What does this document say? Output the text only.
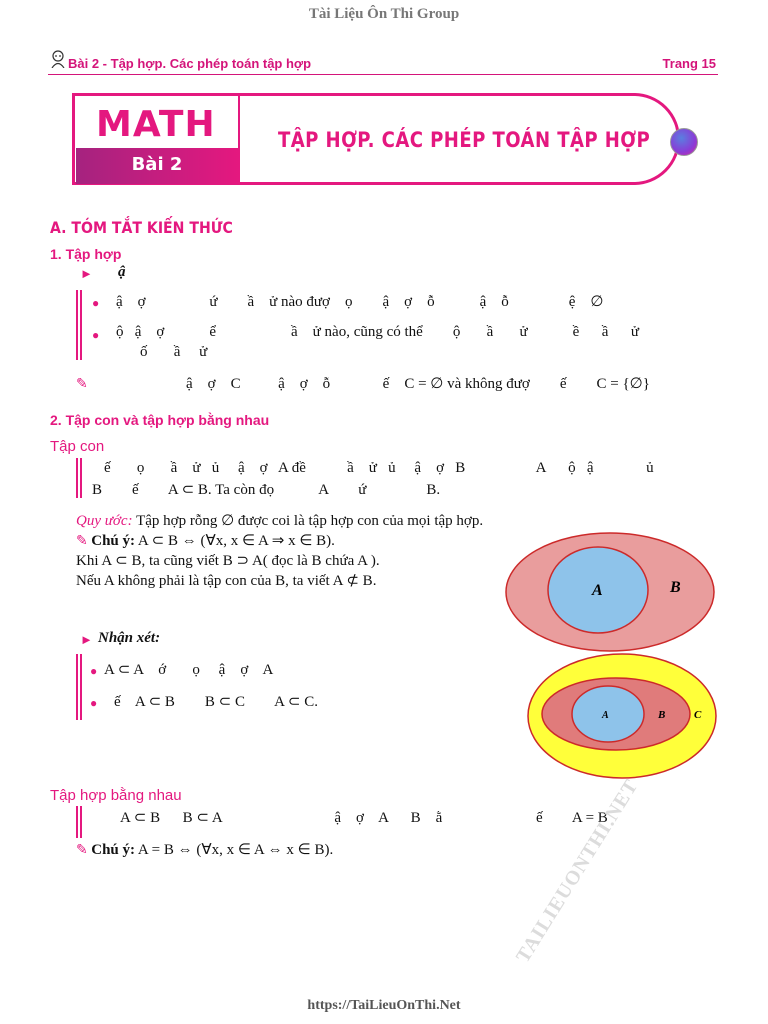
Tài Liệu Ôn Thi Group
Bài 2 - Tập hợp. Các phép toán tập hợp	Trang 15
MATH
Bài 2
TẬP HỢP. CÁC PHÉP TOÁN TẬP HỢP
A. TÓM TẮT KIẾN THỨC
1. Tập hợp
► ậ
● ậ    ợ                 ứ        ầ    ử nào đượ    ọ        ậ    ợ    ỗ            ậ    ỗ                ệ    ∅
● ộ   ậ    ợ            ể                    ầ    ử nào, cũng có thể        ộ       ầ       ử            ề      ầ      ử
ố       ầ     ử
✎	ậ    ợ    C          ậ    ợ    ỗ              ế    C = ∅ và không đượ        ế        C = {∅}
2. Tập con và tập hợp bằng nhau
Tập con
ế       ọ       ầ    ử   ủ     ậ    ợ   A đề           ầ    ử   ủ     ậ    ợ   B                   A      ộ   ậ              ủ
B        ế        A ⊂ B. Ta còn đọ            A        ứ                B.
Quy ước: Tập hợp rỗng ∅ được coi là tập hợp con của mọi tập hợp.
✎ Chú ý: A ⊂ B ⇔ (∀x, x ∈ A ⇒ x ∈ B).
Khi A ⊂ B, ta cũng viết B ⊃ A( đọc là B chứa A ).
Nếu A không phải là tập con của B, ta viết A ⊄ B.
A	B
► Nhận xét:
● A ⊂ A    ớ       ọ     ậ    ợ    A
● ế    A ⊂ B        B ⊂ C        A ⊂ C.
A	B	C
Tập hợp bằng nhau
A ⊂ B      B ⊂ A                              ậ    ợ    A      B    ằ                         ế        A = B
✎ Chú ý: A = B ⇔ (∀x, x ∈ A ⇔ x ∈ B).	TAILIEUONTHI.NET
https://TaiLieuOnThi.Net
